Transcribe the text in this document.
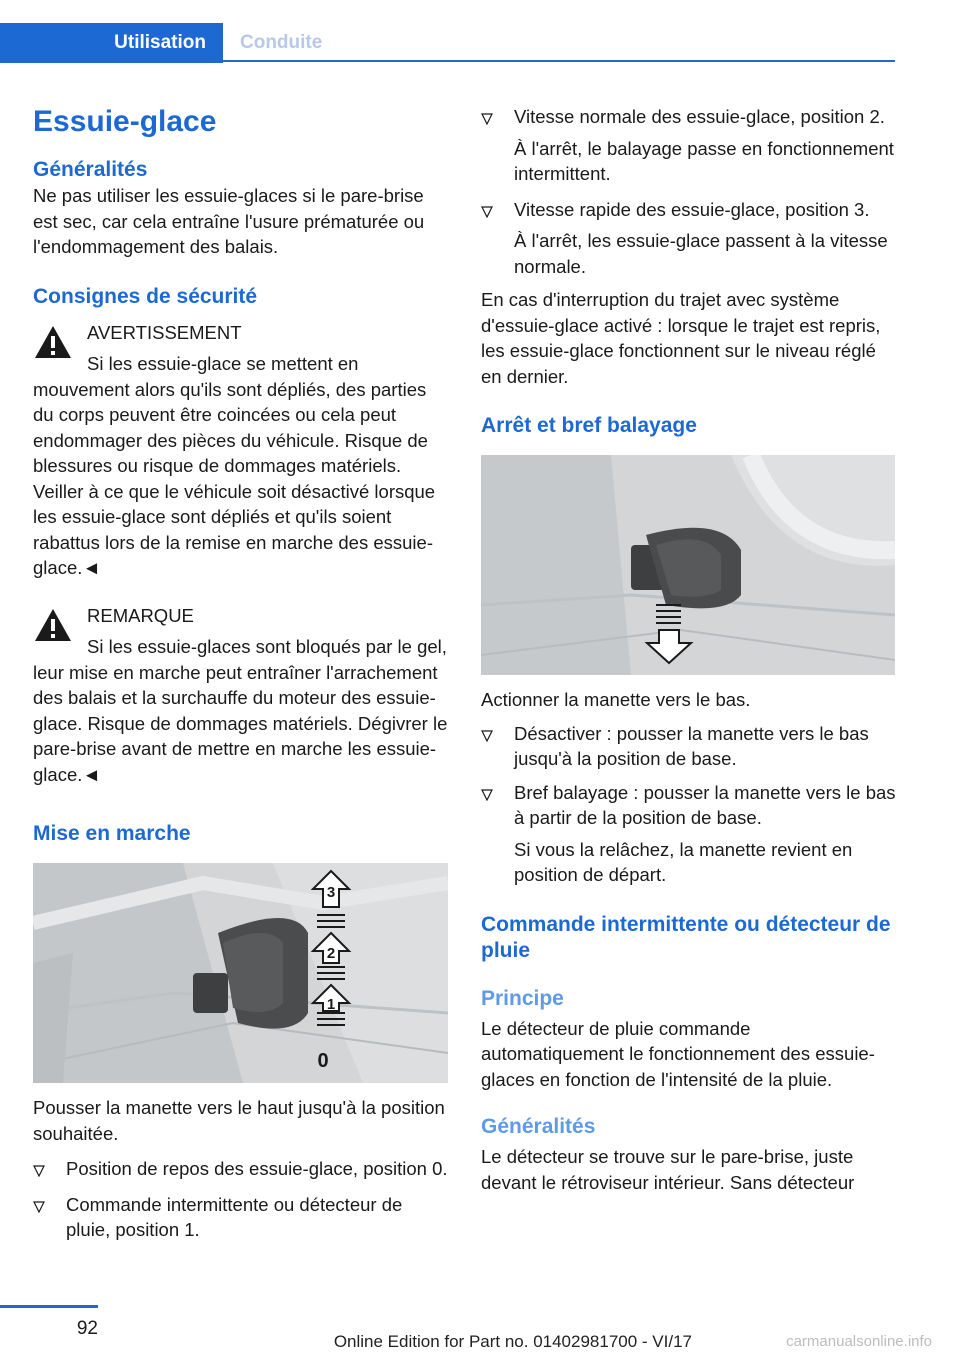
Utilisation	Conduite
Essuie-glace
Généralités

Ne pas utiliser les essuie-glaces si le pare-brise est sec, car cela entraîne l'usure prématurée ou l'endommagement des balais.

Consignes de sécurité
AVERTISSEMENT

Si les essuie-glace se mettent en mouvement alors qu'ils sont dépliés, des parties du corps peuvent être coincées ou cela peut endommager des pièces du véhicule. Risque de blessures ou risque de dommages matériels. Veiller à ce que le véhicule soit désactivé lorsque les essuie-glace sont dépliés et qu'ils soient rabattus lors de la remise en marche des essuie-glace.◄

REMARQUE

Si les essuie-glaces sont bloqués par le gel, leur mise en marche peut entraîner l'arrachement des balais et la surchauffe du moteur des essuie-glace. Risque de dommages matériels. Dégivrer le pare-brise avant de mettre en marche les essuie-glace.◄

Mise en marche
3
2
1
0

Pousser la manette vers le haut jusqu'à la position souhaitée.

Position de repos des essuie-glace, position 0.

Commande intermittente ou détecteur de pluie, position 1.

Vitesse normale des essuie-glace, position 2.

À l'arrêt, le balayage passe en fonctionnement intermittent.

Vitesse rapide des essuie-glace, position 3.

À l'arrêt, les essuie-glace passent à la vitesse normale.

En cas d'interruption du trajet avec système d'essuie-glace activé : lorsque le trajet est repris, les essuie-glace fonctionnent sur le niveau réglé en dernier.

Arrêt et bref balayage

Actionner la manette vers le bas.

Désactiver : pousser la manette vers le bas jusqu'à la position de base.

Bref balayage : pousser la manette vers le bas à partir de la position de base.

Si vous la relâchez, la manette revient en position de départ.

Commande intermittente ou détecteur de pluie
Principe

Le détecteur de pluie commande automatiquement le fonctionnement des essuie-glaces en fonction de l'intensité de la pluie.

Généralités

Le détecteur se trouve sur le pare-brise, juste devant le rétroviseur intérieur. Sans détecteur

92
Online Edition for Part no. 01402981700 - VI/17	carmanualsonline.info
